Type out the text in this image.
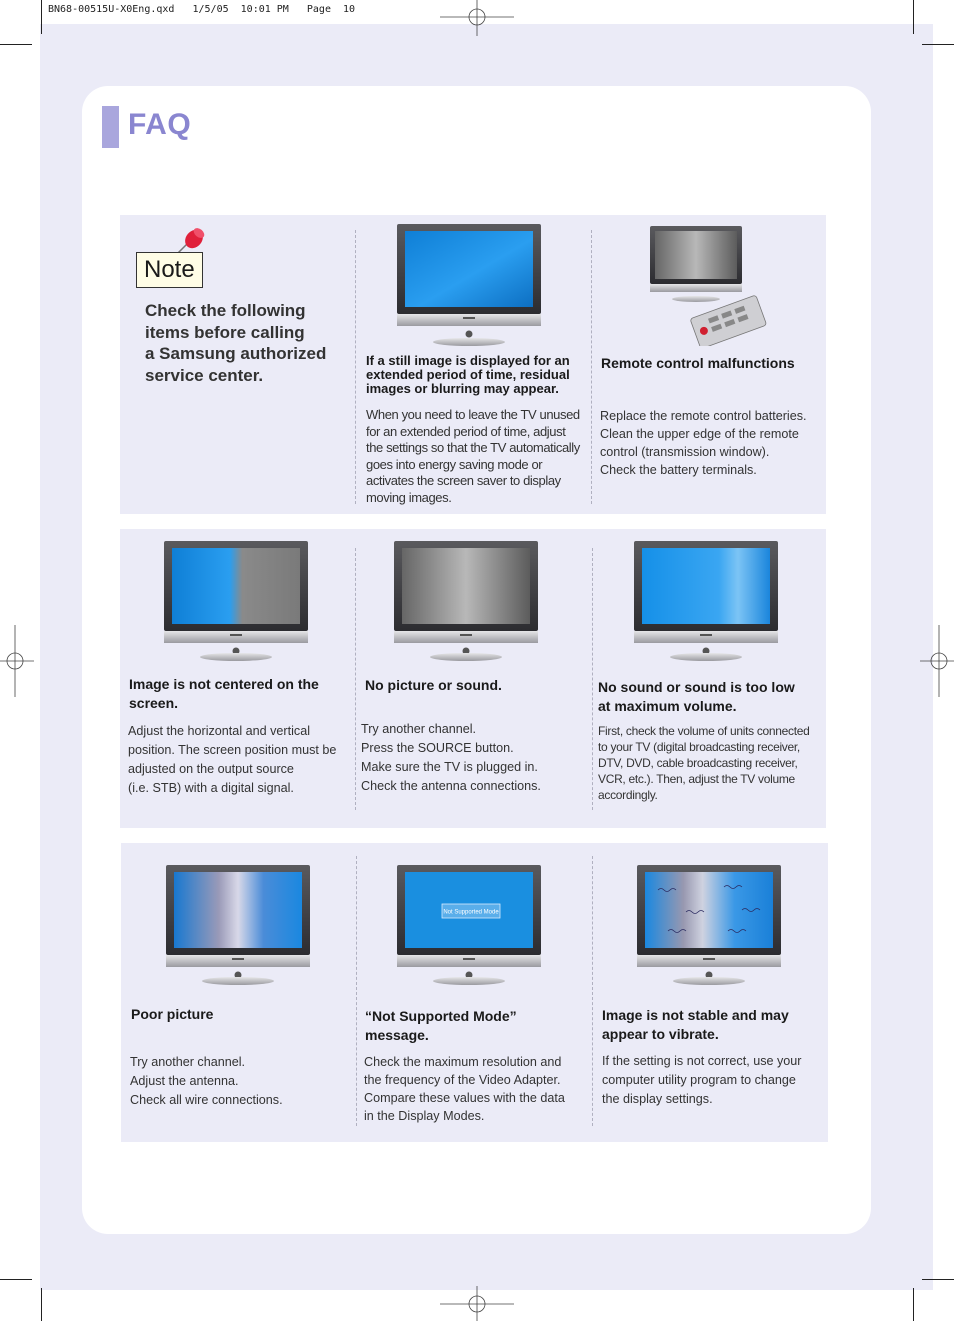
BN68-00515U-X0Eng.qxd   1/5/05  10:01 PM   Page  10
FAQ
Note
Check the following
items before calling
a Samsung authorized
service center.
If a still image is displayed for an
extended period of time, residual
images or blurring may appear.
When you need to leave the TV unused
for an extended period of time, adjust
the settings so that the TV automatically
goes into energy saving mode or
activates the screen saver to display
moving images.
Remote control malfunctions
Replace the remote control batteries.
Clean the upper edge of the remote
control (transmission window).
Check the battery terminals.
Image is not centered on the
screen.
Adjust the horizontal and vertical
position. The screen position must be
adjusted on the output source
(i.e. STB) with a digital signal.
No picture or sound.
Try another channel.
Press the SOURCE button.
Make sure the TV is plugged in.
Check the antenna connections.
No sound or sound is too low
at maximum volume.
First, check the volume of units connected
to your TV (digital broadcasting receiver,
DTV, DVD, cable broadcasting receiver,
VCR, etc.). Then, adjust the TV volume
accordingly.
Not Supported Mode
Poor picture
Try another channel.
Adjust the antenna.
Check all wire connections.
“Not Supported Mode”
message.
Check the maximum resolution and
the frequency of the Video Adapter.
Compare these values with the data
in the Display Modes.
Image is not stable and may
appear to vibrate.
If the setting is not correct, use your
computer utility program to change
the display settings.
